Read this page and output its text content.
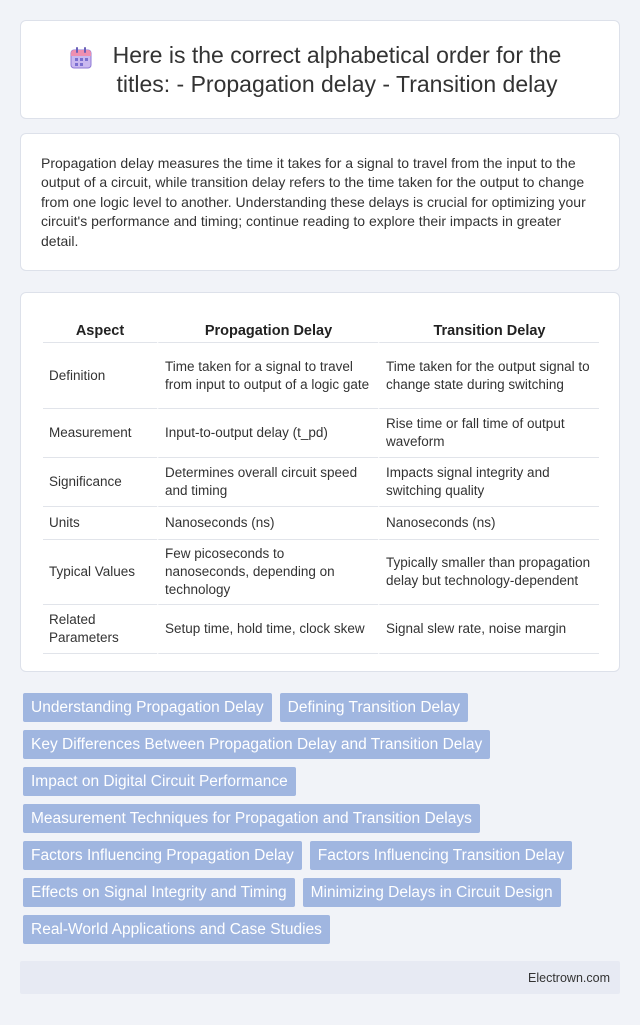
Here is the correct alphabetical order for the titles: - Propagation delay - Transition delay

Propagation delay measures the time it takes for a signal to travel from the input to the output of a circuit, while transition delay refers to the time taken for the output to change from one logic level to another. Understanding these delays is crucial for optimizing your circuit's performance and timing; continue reading to explore their impacts in greater detail.

Aspect	Propagation Delay	Transition Delay
Definition	Time taken for a signal to travel from input to output of a logic gate	Time taken for the output signal to change state during switching
Measurement	Input-to-output delay (t_pd)	Rise time or fall time of output waveform
Significance	Determines overall circuit speed and timing	Impacts signal integrity and switching quality
Units	Nanoseconds (ns)	Nanoseconds (ns)
Typical Values	Few picoseconds to nanoseconds, depending on technology	Typically smaller than propagation delay but technology-dependent
Related Parameters	Setup time, hold time, clock skew	Signal slew rate, noise margin
Understanding Propagation Delay	Defining Transition Delay
Key Differences Between Propagation Delay and Transition Delay
Impact on Digital Circuit Performance
Measurement Techniques for Propagation and Transition Delays
Factors Influencing Propagation Delay	Factors Influencing Transition Delay
Effects on Signal Integrity and Timing	Minimizing Delays in Circuit Design
Real-World Applications and Case Studies
Electrown.com
